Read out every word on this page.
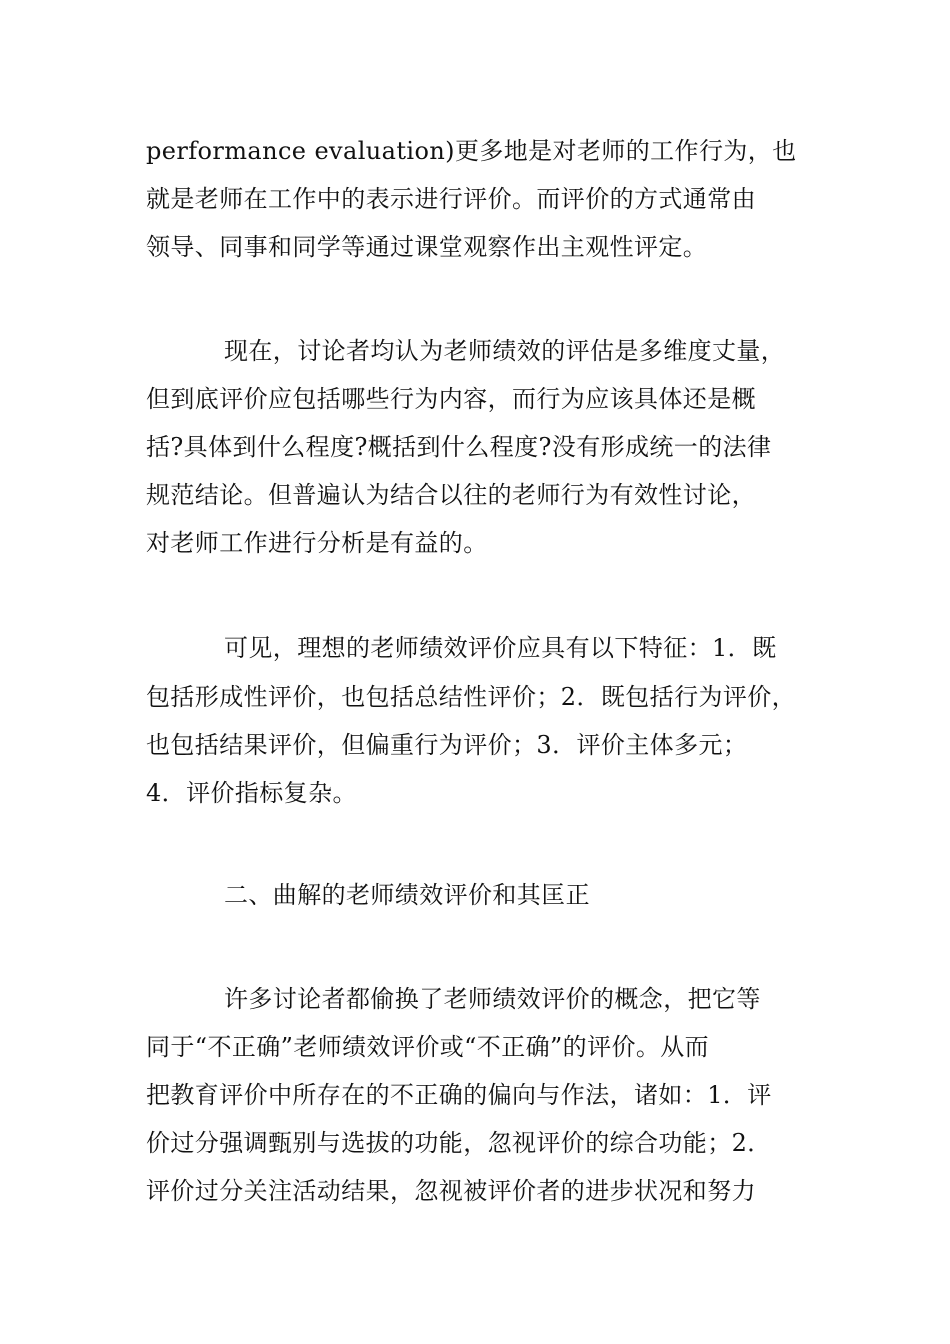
performance evaluation)更多地是对老师的工作行为，也
就是老师在工作中的表示进行评价。而评价的方式通常由
领导、同事和同学等通过课堂观察作出主观性评定。
现在，讨论者均认为老师绩效的评估是多维度丈量，
但到底评价应包括哪些行为内容，而行为应该具体还是概
括?具体到什么程度?概括到什么程度?没有形成统一的法律
规范结论。但普遍认为结合以往的老师行为有效性讨论，
对老师工作进行分析是有益的。
可见，理想的老师绩效评价应具有以下特征：1．既
包括形成性评价，也包括总结性评价；2．既包括行为评价，
也包括结果评价，但偏重行为评价；3．评价主体多元；
4．评价指标复杂。
二、曲解的老师绩效评价和其匡正
许多讨论者都偷换了老师绩效评价的概念，把它等
同于“不正确”老师绩效评价或“不正确”的评价。从而
把教育评价中所存在的不正确的偏向与作法，诸如：1．评
价过分强调甄别与选拔的功能，忽视评价的综合功能；2．
评价过分关注活动结果，忽视被评价者的进步状况和努力
